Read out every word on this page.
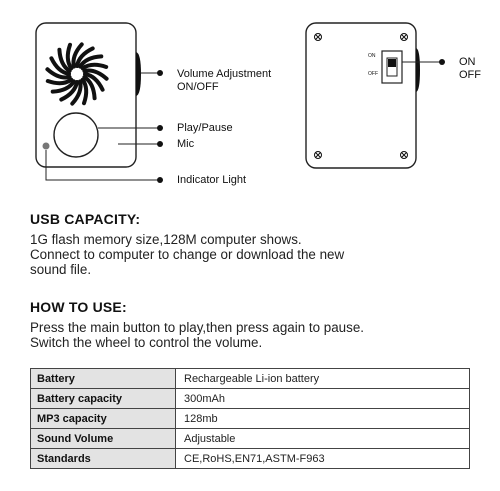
Volume Adjustment
ON/OFF
Play/Pause
Mic
Indicator Light
ON
OFF
ON
OFF
USB CAPACITY:
1G flash memory size,128M computer shows.
Connect to computer to change or download the new
sound file.
HOW TO USE:
Press the main button to play,then press again to pause.
Switch the wheel to control the volume.
Battery	Rechargeable Li-ion battery
Battery capacity	300mAh
MP3 capacity	128mb
Sound Volume	Adjustable
Standards	CE,RoHS,EN71,ASTM-F963
